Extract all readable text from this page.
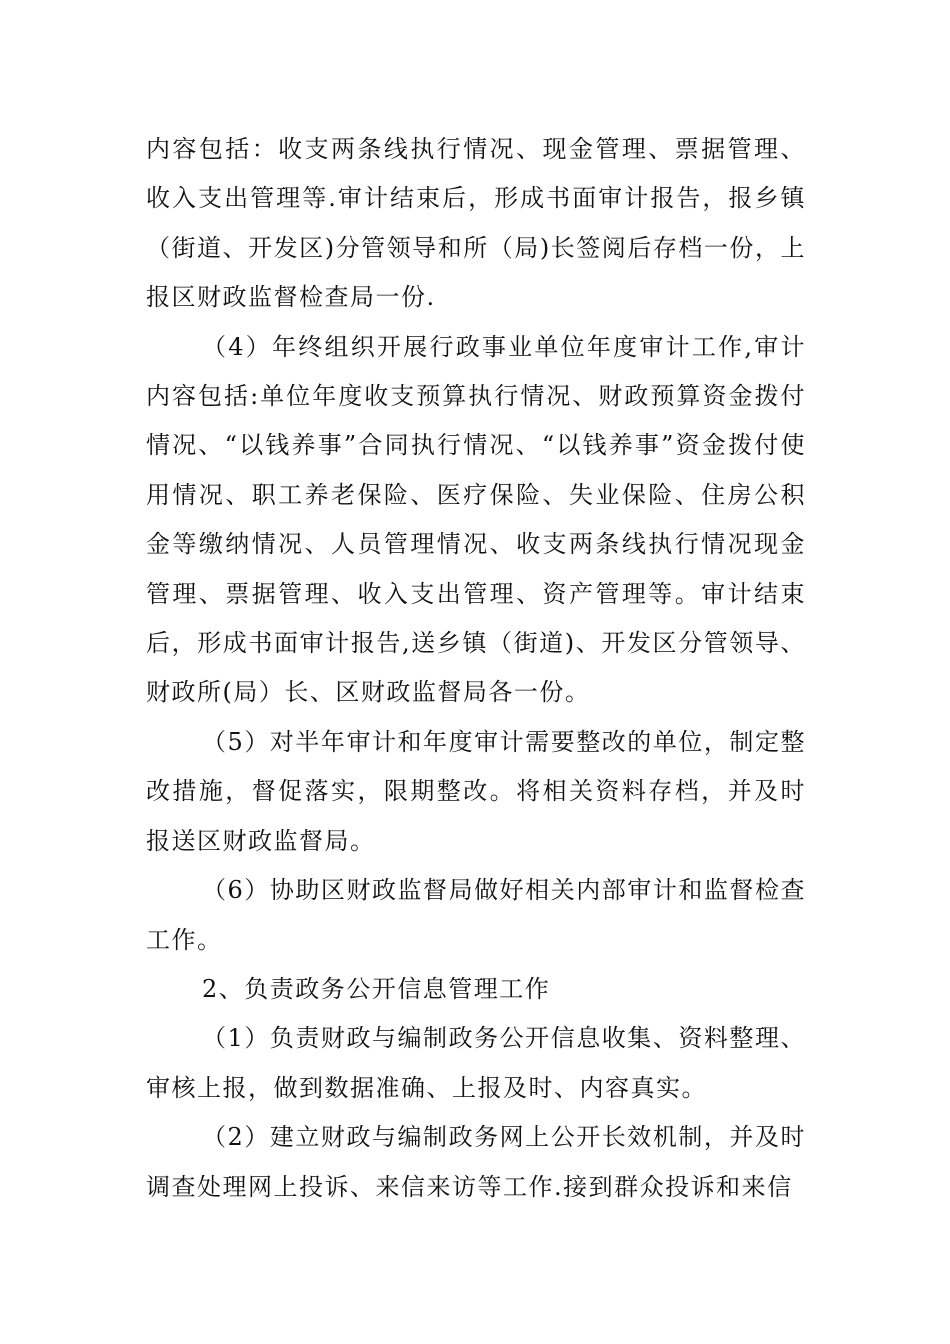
内容包括：收支两条线执行情况、现金管理、票据管理、收入支出管理等.审计结束后，形成书面审计报告，报乡镇（街道、开发区)分管领导和所（局)长签阅后存档一份，上报区财政监督检查局一份.

（4）年终组织开展行政事业单位年度审计工作,审计内容包括:单位年度收支预算执行情况、财政预算资金拨付情况、“以钱养事”合同执行情况、“以钱养事”资金拨付使用情况、职工养老保险、医疗保险、失业保险、住房公积金等缴纳情况、人员管理情况、收支两条线执行情况现金管理、票据管理、收入支出管理、资产管理等。审计结束后，形成书面审计报告,送乡镇（街道)、开发区分管领导、财政所(局）长、区财政监督局各一份。

（5）对半年审计和年度审计需要整改的单位，制定整改措施，督促落实，限期整改。将相关资料存档，并及时报送区财政监督局。

（6）协助区财政监督局做好相关内部审计和监督检查工作。

2、负责政务公开信息管理工作

（1）负责财政与编制政务公开信息收集、资料整理、审核上报，做到数据准确、上报及时、内容真实。

（2）建立财政与编制政务网上公开长效机制，并及时调查处理网上投诉、来信来访等工作.接到群众投诉和来信
